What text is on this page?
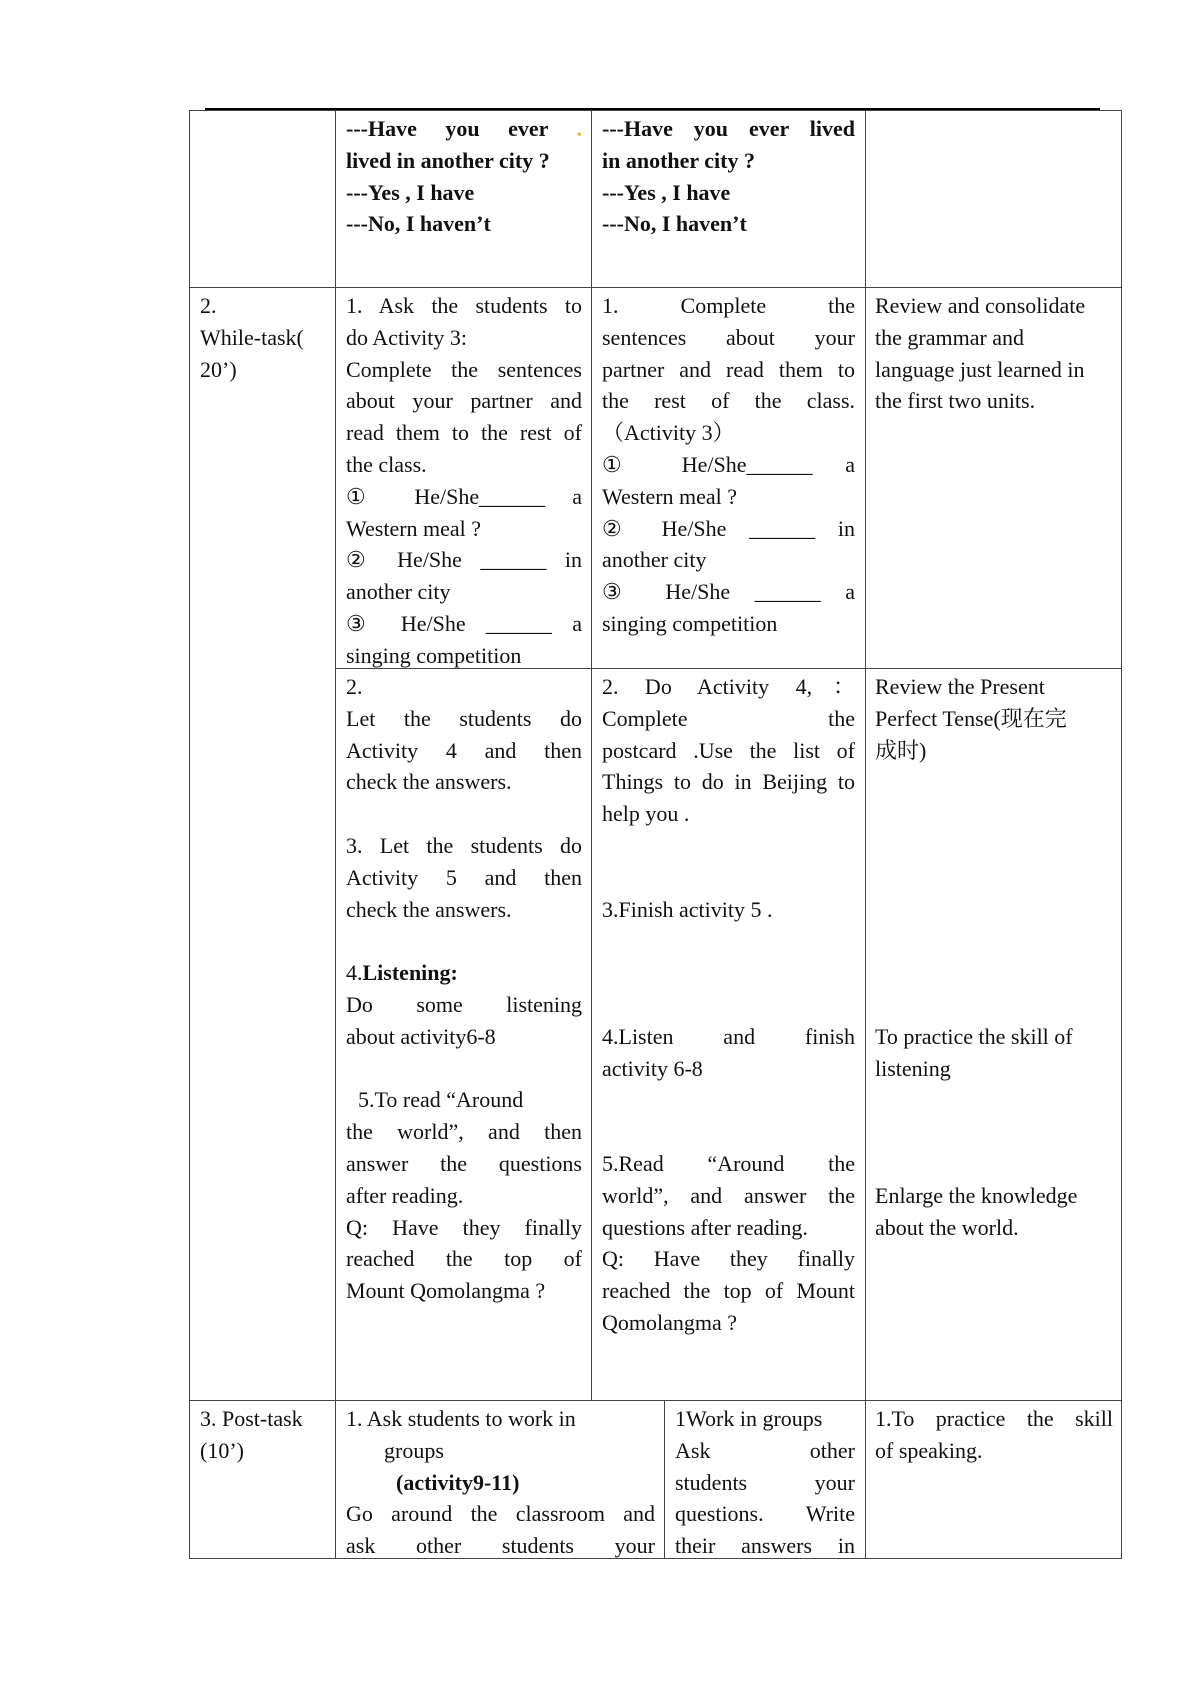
---Have you ever .

lived in another city ?

---Yes , I have

---No, I haven’t

---Have you ever lived

in another city ?

---Yes , I have

---No, I haven’t

2.

While-task(

20’)

1. Ask the students to

do Activity 3:

Complete the sentences

about your partner and

read them to the rest of

the class.

① He/She______ a

Western meal ?

② He/She ______ in

another city

③ He/She ______ a

singing competition

1. Complete the

sentences about your

partner and read them to

the rest of the class.

（Activity 3）

① He/She______ a

Western meal ?

② He/She ______ in

another city

③ He/She ______ a

singing competition

Review and consolidate

the grammar and

language just learned in

the first two units.

2.

Let the students do

Activity 4 and then

check the answers.

3. Let the students do

Activity 5 and then

check the answers.

4.Listening:

Do some listening

about activity6-8

5.To read “Around

the world”, and then

answer the questions

after reading.

Q: Have they finally

reached the top of

Mount Qomolangma ?

2. Do Activity 4,：

Complete the

postcard .Use the list of

Things to do in Beijing to

help you .

3.Finish activity 5 .

4.Listen and finish

activity 6-8

5.Read “Around the

world”, and answer the

questions after reading.

Q: Have they finally

reached the top of Mount

Qomolangma ?

Review the Present

Perfect Tense(现在完

成时)

To practice the skill of

listening

Enlarge the knowledge

about the world.

3. Post-task

(10’)

1. Ask students to work in

groups

(activity9-11)

Go around the classroom and

ask other students your

1Work in groups

Ask other

students your

questions. Write

their answers in

1.To practice the skill

of speaking.
